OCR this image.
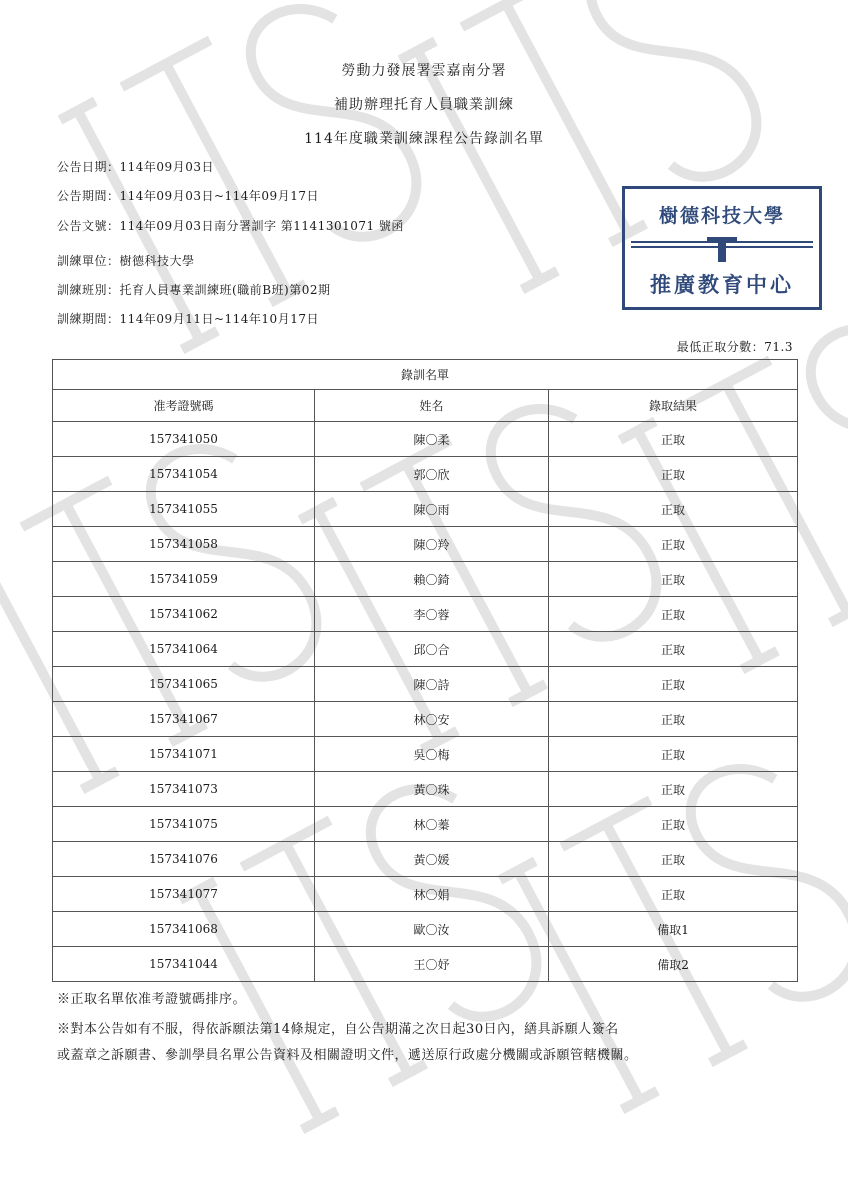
勞動力發展署雲嘉南分署
補助辦理托育人員職業訓練
114年度職業訓練課程公告錄訓名單
公告日期：114年09月03日
公告期間：114年09月03日~114年09月17日
公告文號：114年09月03日南分署訓字 第1141301071 號函
訓練單位：樹德科技大學
訓練班別：托育人員專業訓練班(職前B班)第02期
訓練期間：114年09月11日~114年10月17日
樹德科技大學
推廣教育中心
最低正取分數：71.3
錄訓名單		
准考證號碼	姓名	錄取結果
157341050	陳〇柔	正取
157341054	郭〇欣	正取
157341055	陳〇雨	正取
157341058	陳〇羚	正取
157341059	賴〇錡	正取
157341062	李〇蓉	正取
157341064	邱〇合	正取
157341065	陳〇詩	正取
157341067	林〇安	正取
157341071	吳〇梅	正取
157341073	黃〇珠	正取
157341075	林〇蓁	正取
157341076	黃〇媛	正取
157341077	林〇娟	正取
157341068	歐〇汝	備取1
157341044	王〇妤	備取2
※正取名單依准考證號碼排序。
※對本公告如有不服，得依訴願法第14條規定，自公告期滿之次日起30日內，繕具訴願人簽名
或蓋章之訴願書、參訓學員名單公告資料及相關證明文件，遞送原行政處分機關或訴願管轄機關。
